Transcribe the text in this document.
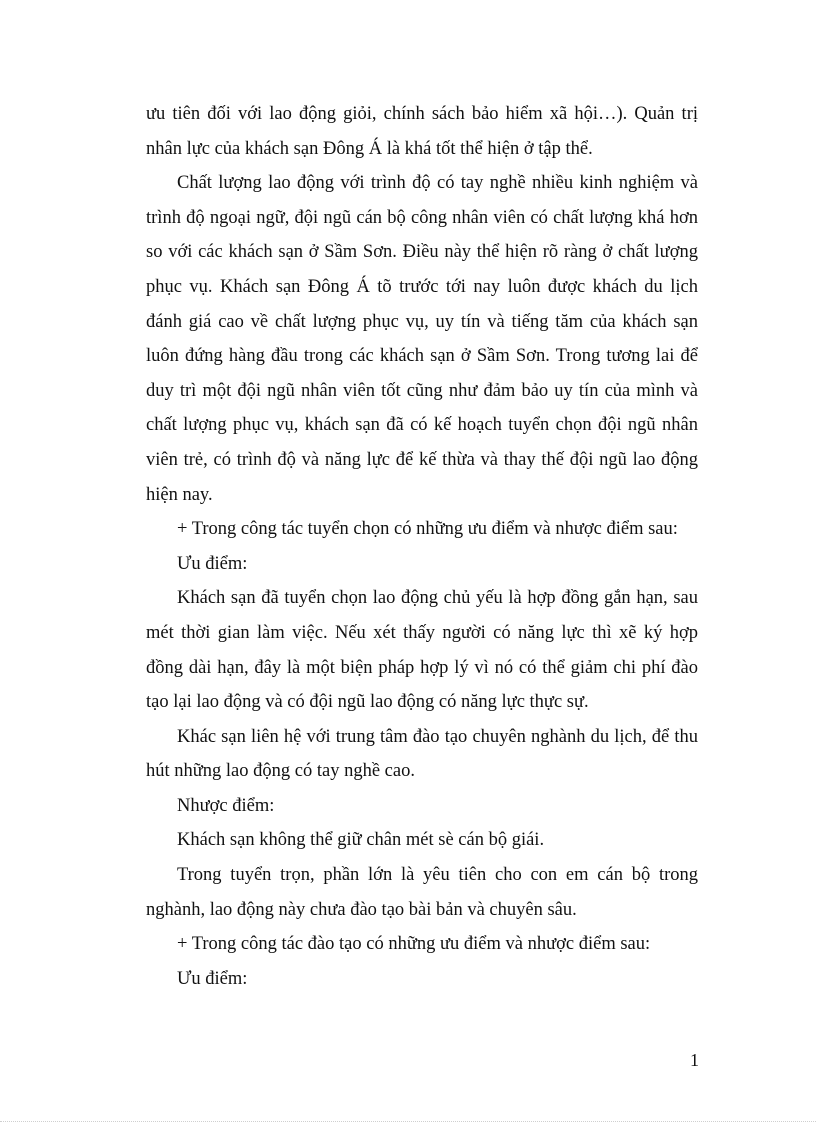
ưu tiên đối với lao động giỏi, chính sách bảo hiểm xã hội…). Quản trị nhân lực của khách sạn Đông Á là khá tốt thể hiện ở tập thể.

Chất lượng lao động với trình độ có tay nghề nhiều kinh nghiệm và trình độ ngoại ngữ, đội ngũ cán bộ công nhân viên có chất lượng khá hơn so với các khách sạn ở Sầm Sơn. Điều này thể hiện rõ ràng ở chất lượng phục vụ. Khách sạn Đông Á tõ trước tới nay luôn được khách du lịch đánh giá cao về chất lượng phục vụ, uy tín và tiếng tăm của khách sạn luôn đứng hàng đầu trong các khách sạn ở Sầm Sơn. Trong tương lai để duy trì một đội ngũ nhân viên tốt cũng như đảm bảo uy tín của mình và chất lượng phục vụ, khách sạn đã có kế hoạch tuyển chọn đội ngũ nhân viên trẻ, có trình độ và năng lực để kế thừa và thay thế đội ngũ lao động hiện nay.

+ Trong công tác tuyển chọn có những ưu điểm và nhược điểm sau:

Ưu điểm:

Khách sạn đã tuyển chọn lao động chủ yếu là hợp đồng gắn hạn, sau mét thời gian làm việc. Nếu xét thấy người có năng lực thì xẽ ký hợp đồng dài hạn, đây là một biện pháp hợp lý vì nó có thể giảm chi phí đào tạo lại lao động và có đội ngũ lao động có năng lực thực sự.

Khác sạn liên hệ với trung tâm đào tạo chuyên nghành du lịch, để thu hút những lao động có tay nghề cao.

Nhược điểm:

Khách sạn không thể giữ chân mét sè cán bộ giái.

Trong tuyển trọn, phần lớn là yêu tiên cho con em cán bộ trong nghành, lao động này chưa đào tạo bài bản và chuyên sâu.

+ Trong công tác đào tạo có những ưu điểm và nhược điểm sau:

Ưu điểm:

1
